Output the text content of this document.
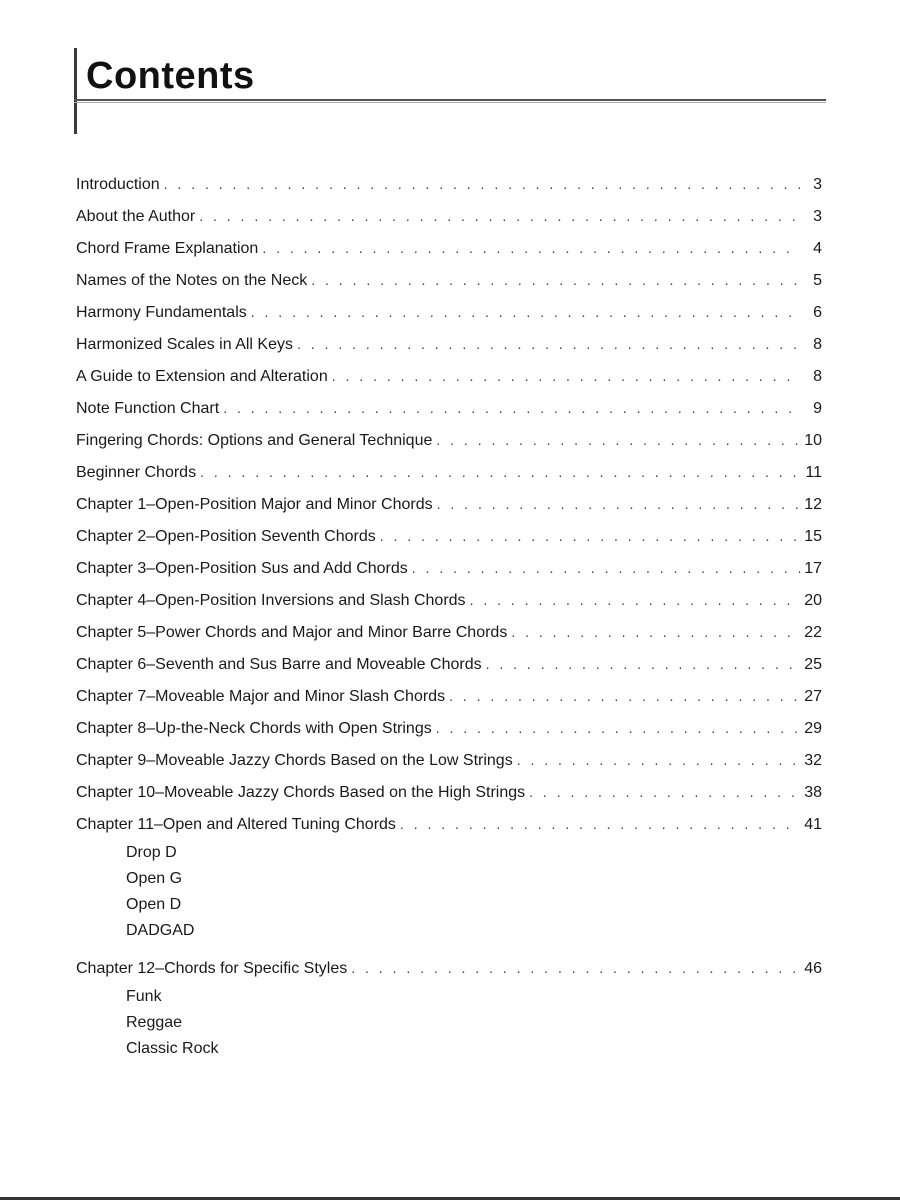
Contents
Introduction . . .	3
About the Author . . .	3
Chord Frame Explanation . . .	4
Names of the Notes on the Neck . . .	5
Harmony Fundamentals . . .	6
Harmonized Scales in All Keys . . .	8
A Guide to Extension and Alteration . . .	8
Note Function Chart . . .	9
Fingering Chords: Options and General Technique . . .	10
Beginner Chords . . .	11
Chapter 1–Open-Position Major and Minor Chords . . .	12
Chapter 2–Open-Position Seventh Chords . . .	15
Chapter 3–Open-Position Sus and Add Chords . . .	17
Chapter 4–Open-Position Inversions and Slash Chords . . .	20
Chapter 5–Power Chords and Major and Minor Barre Chords . . .	22
Chapter 6–Seventh and Sus Barre and Moveable Chords . . .	25
Chapter 7–Moveable Major and Minor Slash Chords . . .	27
Chapter 8–Up-the-Neck Chords with Open Strings . . .	29
Chapter 9–Moveable Jazzy Chords Based on the Low Strings . . .	32
Chapter 10–Moveable Jazzy Chords Based on the High Strings . . .	38
Chapter 11–Open and Altered Tuning Chords . . .	41
Drop D
Open G
Open D
DADGAD
Chapter 12–Chords for Specific Styles . . .	46
Funk
Reggae
Classic Rock
